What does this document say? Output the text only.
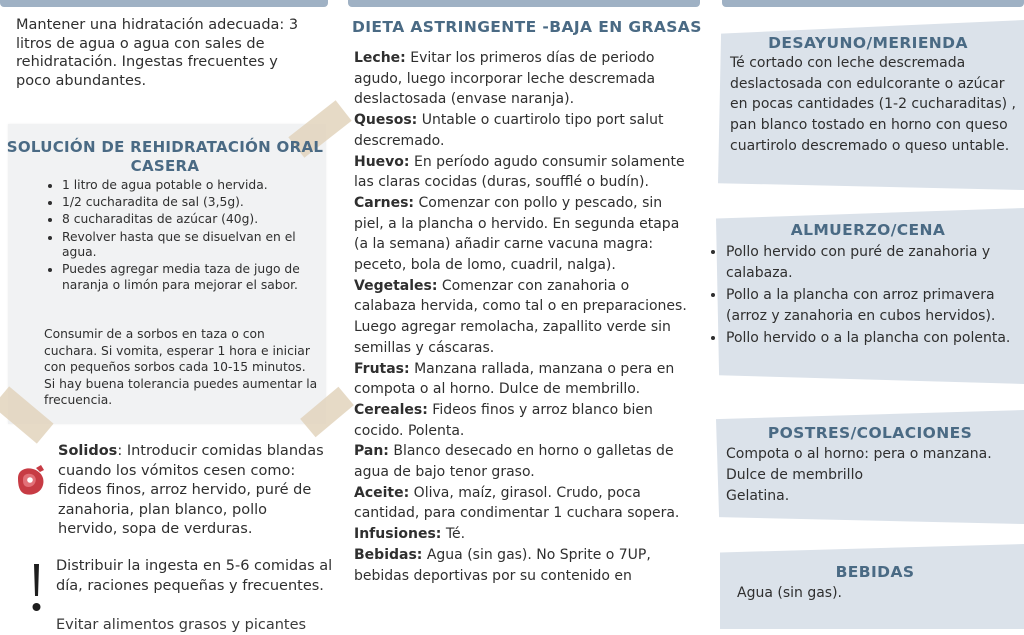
Mantener una hidratación adecuada: 3 litros de agua o agua con sales de rehidratación. Ingestas frecuentes y poco abundantes.
SOLUCIÓN DE REHIDRATACIÓN ORAL CASERA
• 1 litro de agua potable o hervida.
• 1/2 cucharadita de sal (3,5g).
• 8 cucharaditas de azúcar (40g).
• Revolver hasta que se disuelvan en el agua.
• Puedes agregar media taza de jugo de naranja o limón para mejorar el sabor.
Consumir de a sorbos en taza o con cuchara. Si vomita, esperar 1 hora e iniciar con pequeños sorbos cada 10-15 minutos. Si hay buena tolerancia puedes aumentar la frecuencia.
Solidos: Introducir comidas blandas cuando los vómitos cesen como: fideos finos, arroz hervido, puré de zanahoria, plan blanco, pollo hervido, sopa de verduras.
Distribuir la ingesta en 5-6 comidas al día, raciones pequeñas y frecuentes.
Evitar alimentos grasos y picantes
DIETA ASTRINGENTE -BAJA EN GRASAS

Leche: Evitar los primeros días de periodo agudo, luego incorporar leche descremada deslactosada (envase naranja).

Quesos: Untable o cuartirolo tipo port salut descremado.

Huevo: En período agudo consumir solamente las claras cocidas (duras, soufflé o budín).

Carnes: Comenzar con pollo y pescado, sin piel, a la plancha o hervido. En segunda etapa (a la semana) añadir carne vacuna magra: peceto, bola de lomo, cuadril, nalga).

Vegetales: Comenzar con zanahoria o calabaza hervida, como tal o en preparaciones. Luego agregar remolacha, zapallito verde sin semillas y cáscaras.

Frutas: Manzana rallada, manzana o pera en compota o al horno. Dulce de membrillo.

Cereales: Fideos finos y arroz blanco bien cocido. Polenta.

Pan: Blanco desecado en horno o galletas de agua de bajo tenor graso.

Aceite: Oliva, maíz, girasol. Crudo, poca cantidad, para condimentar 1 cuchara sopera.

Infusiones: Té.

Bebidas: Agua (sin gas). No Sprite o 7UP, bebidas deportivas por su contenido en

DESAYUNO/MERIENDA
Té cortado con leche descremada deslactosada con edulcorante o azúcar en pocas cantidades (1-2 cucharaditas) , pan blanco tostado en horno con queso cuartirolo descremado o queso untable.
ALMUERZO/CENA
• Pollo hervido con puré de zanahoria y calabaza.
• Pollo a la plancha con arroz primavera (arroz y zanahoria en cubos hervidos).
• Pollo hervido o a la plancha con polenta.
POSTRES/COLACIONES
Compota o al horno: pera o manzana.
Dulce de membrillo
Gelatina.
BEBIDAS
Agua (sin gas).
